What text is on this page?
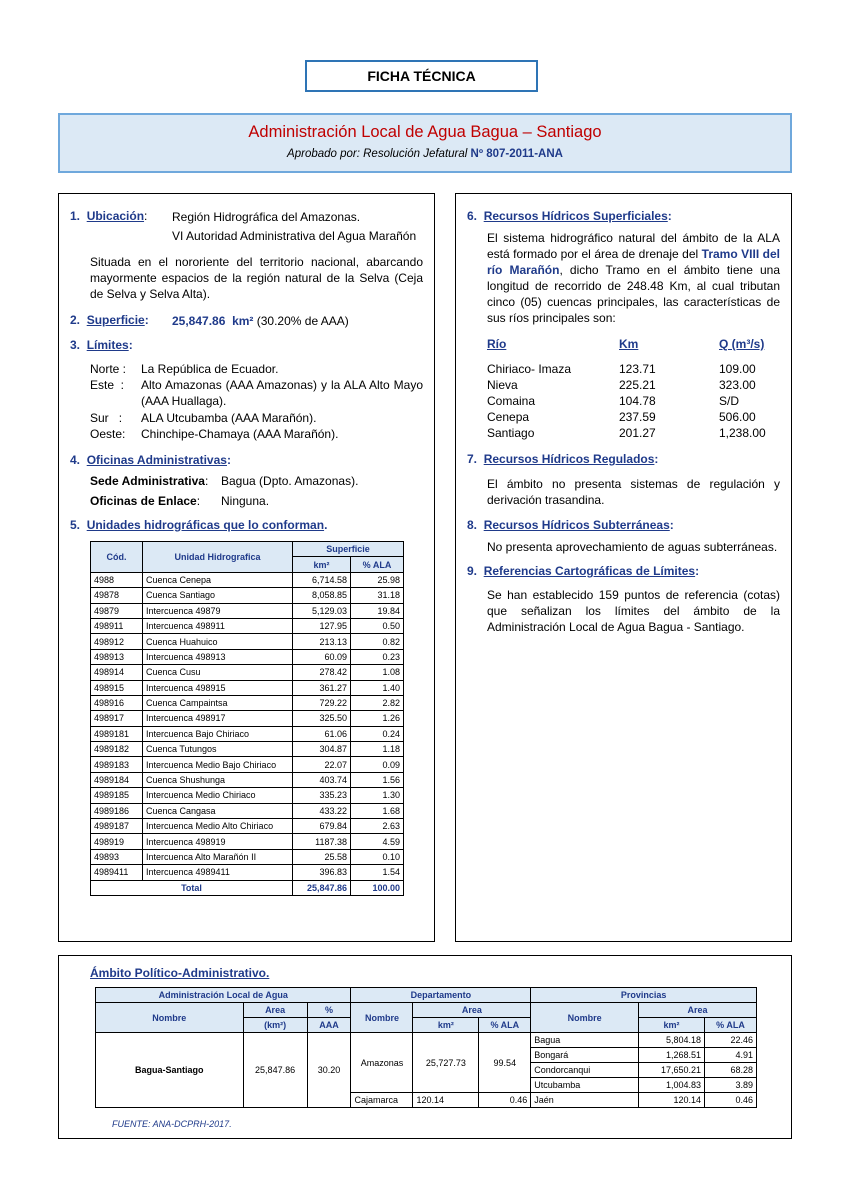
FICHA TÉCNICA
Administración Local de Agua Bagua – Santiago
Aprobado por: Resolución Jefatural Nº 807-2011-ANA
1. Ubicación: Región Hidrográfica del Amazonas.
VI Autoridad Administrativa del Agua Marañón
Situada en el nororiente del territorio nacional, abarcando mayormente espacios de la región natural de la Selva (Ceja de Selva y Selva Alta).
2. Superficie: 25,847.86 km² (30.20% de AAA)
3. Límites:
Norte : La República de Ecuador.
Este  : Alto Amazonas (AAA Amazonas) y la ALA Alto Mayo (AAA Huallaga).
Sur   : ALA Utcubamba (AAA Marañón).
Oeste: Chinchipe-Chamaya (AAA Marañón).
4. Oficinas Administrativas:
Sede Administrativa: Bagua (Dpto. Amazonas).
Oficinas de Enlace: Ninguna.
5. Unidades hidrográficas que lo conforman.
Cód.	Unidad Hidrografica	Superficie	
		km²	% ALA
4988	Cuenca Cenepa	6,714.58	25.98
49878	Cuenca Santiago	8,058.85	31.18
49879	Intercuenca 49879	5,129.03	19.84
498911	Intercuenca 498911	127.95	0.50
498912	Cuenca Huahuico	213.13	0.82
498913	Intercuenca 498913	60.09	0.23
498914	Cuenca Cusu	278.42	1.08
498915	Intercuenca 498915	361.27	1.40
498916	Cuenca Campaintsa	729.22	2.82
498917	Intercuenca 498917	325.50	1.26
4989181	Intercuenca Bajo Chiriaco	61.06	0.24
4989182	Cuenca Tutungos	304.87	1.18
4989183	Intercuenca Medio Bajo Chiriaco	22.07	0.09
4989184	Cuenca Shushunga	403.74	1.56
4989185	Intercuenca Medio Chiriaco	335.23	1.30
4989186	Cuenca Cangasa	433.22	1.68
4989187	Intercuenca Medio Alto Chiriaco	679.84	2.63
498919	Intercuenca 498919	1187.38	4.59
49893	Intercuenca Alto Marañón II	25.58	0.10
4989411	Intercuenca 4989411	396.83	1.54
Total		25,847.86	100.00
6. Recursos Hídricos Superficiales:
El sistema hidrográfico natural del ámbito de la ALA está formado por el área de drenaje del Tramo VIII del río Marañón, dicho Tramo en el ámbito tiene una longitud de recorrido de 248.48 Km, al cual tributan cinco (05) cuencas principales, las características de sus ríos principales son:
Río	Km	Q (m³/s)
Chiriaco- Imaza	123.71	109.00
Nieva	225.21	323.00
Comaina	104.78	S/D
Cenepa	237.59	506.00
Santiago	201.27	1,238.00
7. Recursos Hídricos Regulados:
El ámbito no presenta sistemas de regulación y derivación trasandina.
8. Recursos Hídricos Subterráneas:
No presenta aprovechamiento de aguas subterráneas.
9. Referencias Cartográficas de Límites:
Se han establecido 159 puntos de referencia (cotas) que señalizan los límites del ámbito de la Administración Local de Agua Bagua - Santiago.
Ámbito Político-Administrativo.
Administración Local de Agua			Departamento			Provincias		
Nombre	Area	%	Nombre	Area		Nombre	Area	
	(km²)	AAA		km²	% ALA		km²	% ALA
Bagua-Santiago	25,847.86	30.20	Amazonas	25,727.73	99.54	Bagua	5,804.18	22.46
						Bongará	1,268.51	4.91
						Condorcanqui	17,650.21	68.28
						Utcubamba	1,004.83	3.89
			Cajamarca	120.14	0.46	Jaén	120.14	0.46
FUENTE: ANA-DCPRH-2017.
